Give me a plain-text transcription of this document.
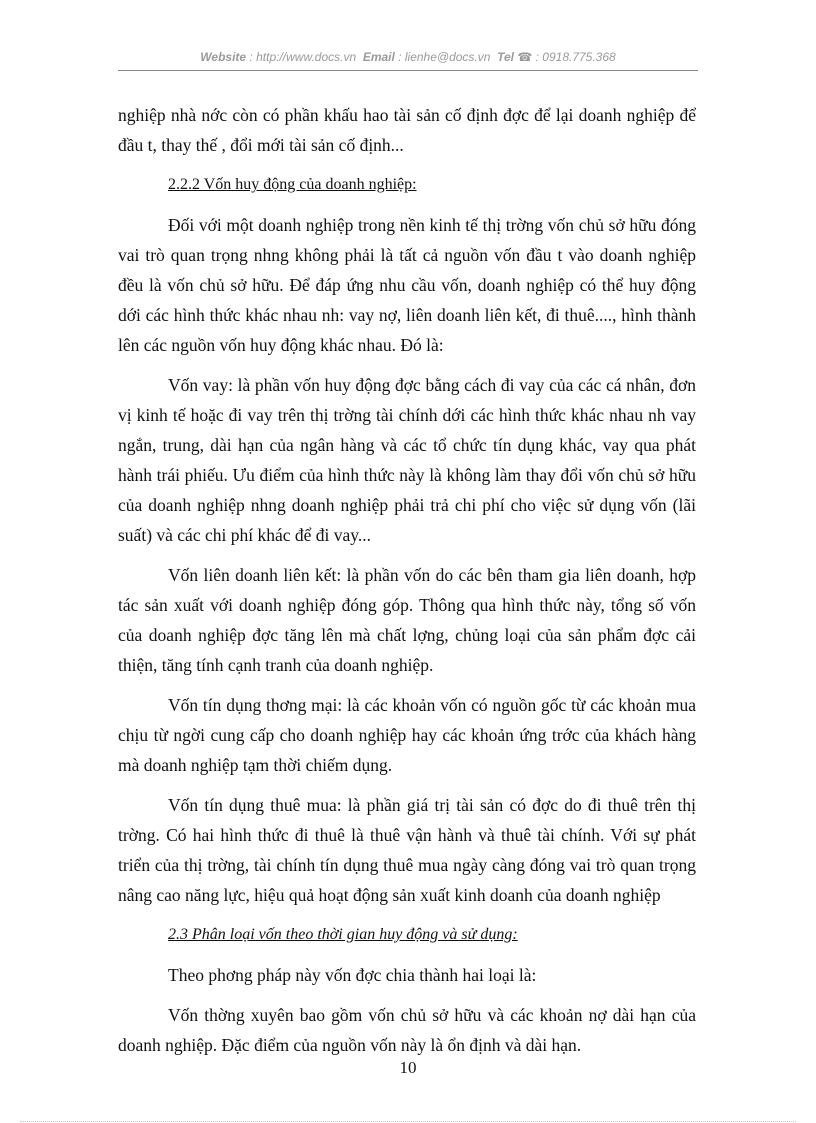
Website : http://www.docs.vn Email : lienhe@docs.vn Tel ☎ : 0918.775.368

nghiệp nhà nớc còn có phần khấu hao tài sản cố định đợc để lại doanh nghiệp để đầu t, thay thế , đổi mới tài sản cố định...

2.2.2 Vốn huy động của doanh nghiệp:

Đối với một doanh nghiệp trong nền kinh tế thị trờng vốn chủ sở hữu đóng vai trò quan trọng nhng không phải là tất cả nguồn vốn đầu t vào doanh nghiệp đều là vốn chủ sở hữu. Để đáp ứng nhu cầu vốn, doanh nghiệp có thể huy động dới các hình thức khác nhau nh: vay nợ, liên doanh liên kết, đi thuê...., hình thành lên các nguồn vốn huy động khác nhau. Đó là:

Vốn vay: là phần vốn huy động đợc bằng cách đi vay của các cá nhân, đơn vị kinh tế hoặc đi vay trên thị trờng tài chính dới các hình thức khác nhau nh vay ngắn, trung, dài hạn của ngân hàng và các tổ chức tín dụng khác, vay qua phát hành trái phiếu. Ưu điểm của hình thức này là không làm thay đổi vốn chủ sở hữu của doanh nghiệp nhng doanh nghiệp phải trả chi phí cho việc sử dụng vốn (lãi suất) và các chi phí khác để đi vay...

Vốn liên doanh liên kết: là phần vốn do các bên tham gia liên doanh, hợp tác sản xuất với doanh nghiệp đóng góp. Thông qua hình thức này, tổng số vốn của doanh nghiệp đợc tăng lên mà chất lợng, chủng loại của sản phẩm đợc cải thiện, tăng tính cạnh tranh của doanh nghiệp.

Vốn tín dụng thơng mại: là các khoản vốn có nguồn gốc từ các khoản mua chịu từ ngời cung cấp cho doanh nghiệp hay các khoản ứng trớc của khách hàng mà doanh nghiệp tạm thời chiếm dụng.

Vốn tín dụng thuê mua: là phần giá trị tài sản có đợc do đi thuê trên thị trờng. Có hai hình thức đi thuê là thuê vận hành và thuê tài chính. Với sự phát triển của thị trờng, tài chính tín dụng thuê mua ngày càng đóng vai trò quan trọng nâng cao năng lực, hiệu quả hoạt động sản xuất kinh doanh của doanh nghiệp

2.3 Phân loại vốn theo thời gian huy động và sử dụng:

Theo phơng pháp này vốn đợc chia thành hai loại là:

Vốn thờng xuyên bao gồm vốn chủ sở hữu và các khoản nợ dài hạn của doanh nghiệp. Đặc điểm của nguồn vốn này là ổn định và dài hạn.

10
